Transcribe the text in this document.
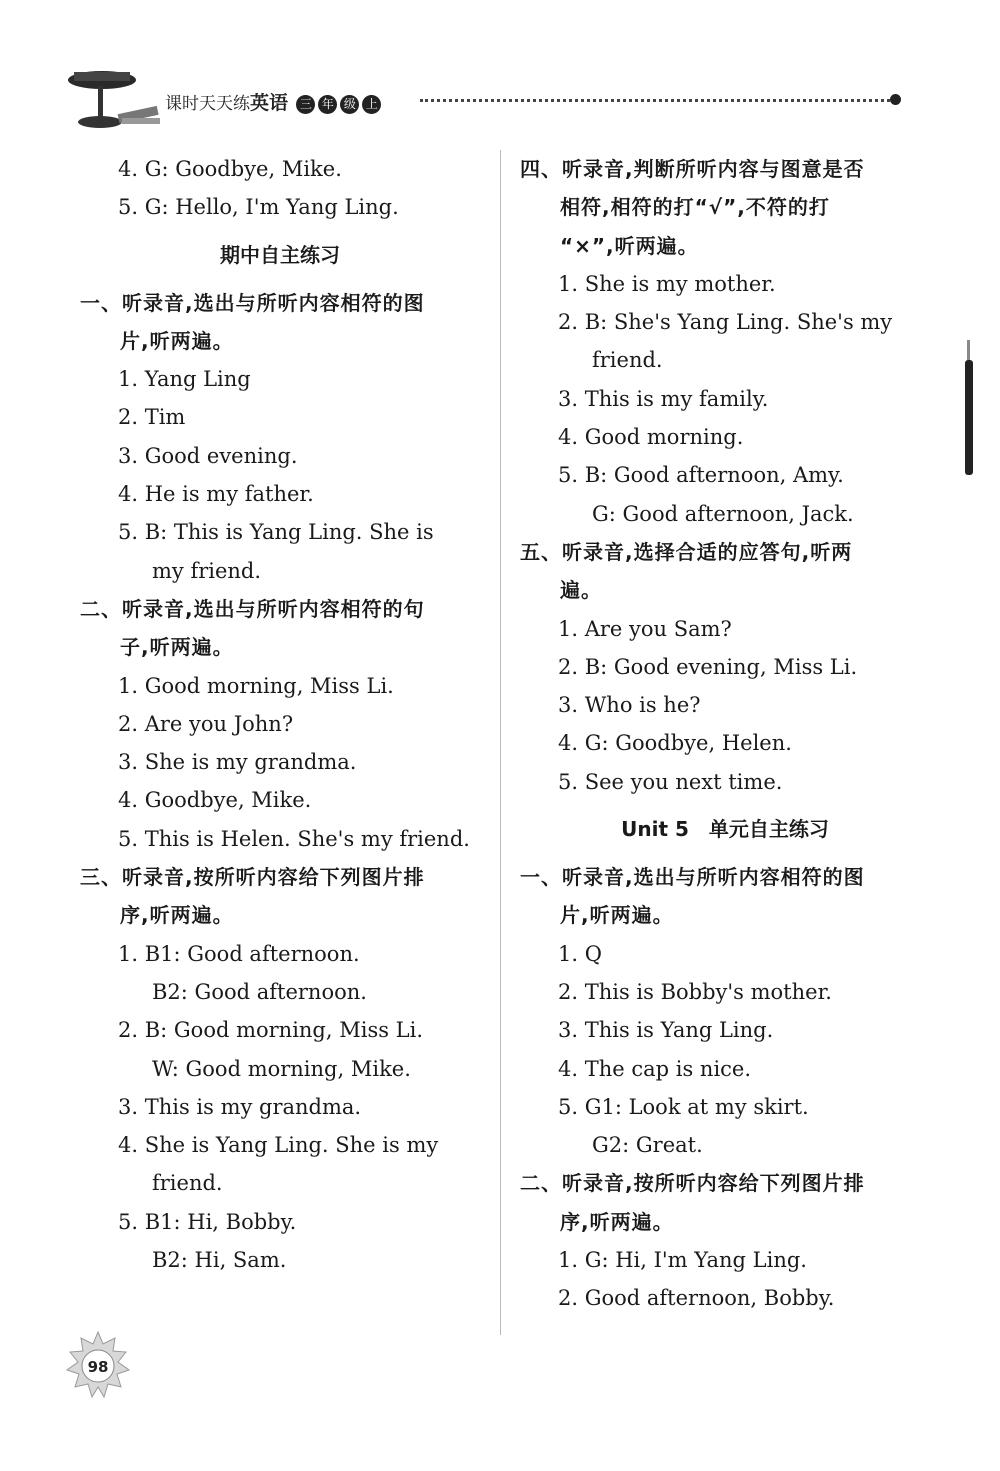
课时天天练英语 三 年 级 上
4. G: Goodbye, Mike.
5. G: Hello, I'm Yang Ling.
期中自主练习
一、听录音,选出与所听内容相符的图
片,听两遍。
1. Yang Ling
2. Tim
3. Good evening.
4. He is my father.
5. B: This is Yang Ling. She is
my friend.
二、听录音,选出与所听内容相符的句
子,听两遍。
1. Good morning, Miss Li.
2. Are you John?
3. She is my grandma.
4. Goodbye, Mike.
5. This is Helen. She's my friend.
三、听录音,按所听内容给下列图片排
序,听两遍。
1. B1: Good afternoon.
B2: Good afternoon.
2. B: Good morning, Miss Li.
W: Good morning, Mike.
3. This is my grandma.
4. She is Yang Ling. She is my
friend.
5. B1: Hi, Bobby.
B2: Hi, Sam.
四、听录音,判断所听内容与图意是否
相符,相符的打“√”,不符的打
“×”,听两遍。
1. She is my mother.
2. B: She's Yang Ling. She's my
friend.
3. This is my family.
4. Good morning.
5. B: Good afternoon, Amy.
G: Good afternoon, Jack.
五、听录音,选择合适的应答句,听两
遍。
1. Are you Sam?
2. B: Good evening, Miss Li.
3. Who is he?
4. G: Goodbye, Helen.
5. See you next time.
Unit 5　单元自主练习
一、听录音,选出与所听内容相符的图
片,听两遍。
1. Q
2. This is Bobby's mother.
3. This is Yang Ling.
4. The cap is nice.
5. G1: Look at my skirt.
G2: Great.
二、听录音,按所听内容给下列图片排
序,听两遍。
1. G: Hi, I'm Yang Ling.
2. Good afternoon, Bobby.
98
